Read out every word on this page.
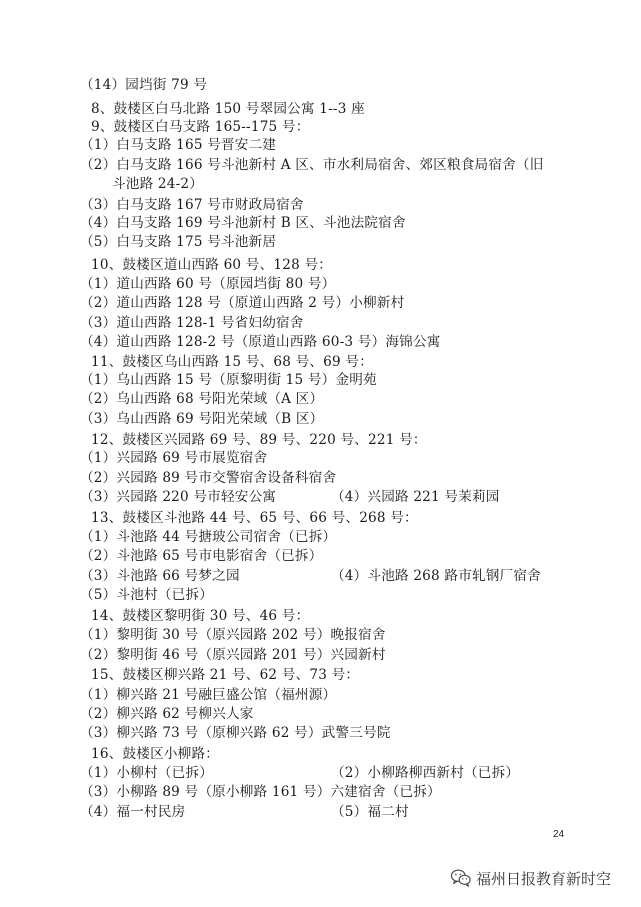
（14）园垱街 79 号
8、鼓楼区白马北路 150 号翠园公寓 1--3 座
9、鼓楼区白马支路 165--175 号：
（1）白马支路 165 号晋安二建
（2）白马支路 166 号斗池新村 A 区、市水利局宿舍、郊区粮食局宿舍（旧
斗池路 24-2）
（3）白马支路 167 号市财政局宿舍
（4）白马支路 169 号斗池新村 B 区、斗池法院宿舍
（5）白马支路 175 号斗池新居
10、鼓楼区道山西路 60 号、128 号：
（1）道山西路 60 号（原园垱街 80 号）
（2）道山西路 128 号（原道山西路 2 号）小柳新村
（3）道山西路 128-1 号省妇幼宿舍
（4）道山西路 128-2 号（原道山西路 60-3 号）海锦公寓
11、鼓楼区乌山西路 15 号、68 号、69 号：
（1）乌山西路 15 号（原黎明街 15 号）金明苑
（2）乌山西路 68 号阳光荣域（A 区）
（3）乌山西路 69 号阳光荣域（B 区）
12、鼓楼区兴园路 69 号、89 号、220 号、221 号：
（1）兴园路 69 号市展览宿舍
（2）兴园路 89 号市交警宿舍设备科宿舍
（3）兴园路 220 号市轻安公寓	（4）兴园路 221 号茉莉园
13、鼓楼区斗池路 44 号、65 号、66 号、268 号：
（1）斗池路 44 号搪玻公司宿舍（已拆）
（2）斗池路 65 号市电影宿舍（已拆）
（3）斗池路 66 号梦之园	（4）斗池路 268 路市轧钢厂宿舍
（5）斗池村（已拆）
14、鼓楼区黎明街 30 号、46 号：
（1）黎明街 30 号（原兴园路 202 号）晚报宿舍
（2）黎明街 46 号（原兴园路 201 号）兴园新村
15、鼓楼区柳兴路 21 号、62 号、73 号：
（1）柳兴路 21 号融巨盛公馆（福州源）
（2）柳兴路 62 号柳兴人家
（3）柳兴路 73 号（原柳兴路 62 号）武警三号院
16、鼓楼区小柳路：
（1）小柳村（已拆）	（2）小柳路柳西新村（已拆）
（3）小柳路 89 号（原小柳路 161 号）六建宿舍（已拆）
（4）福一村民房	（5）福二村
24
福州日报教育新时空
